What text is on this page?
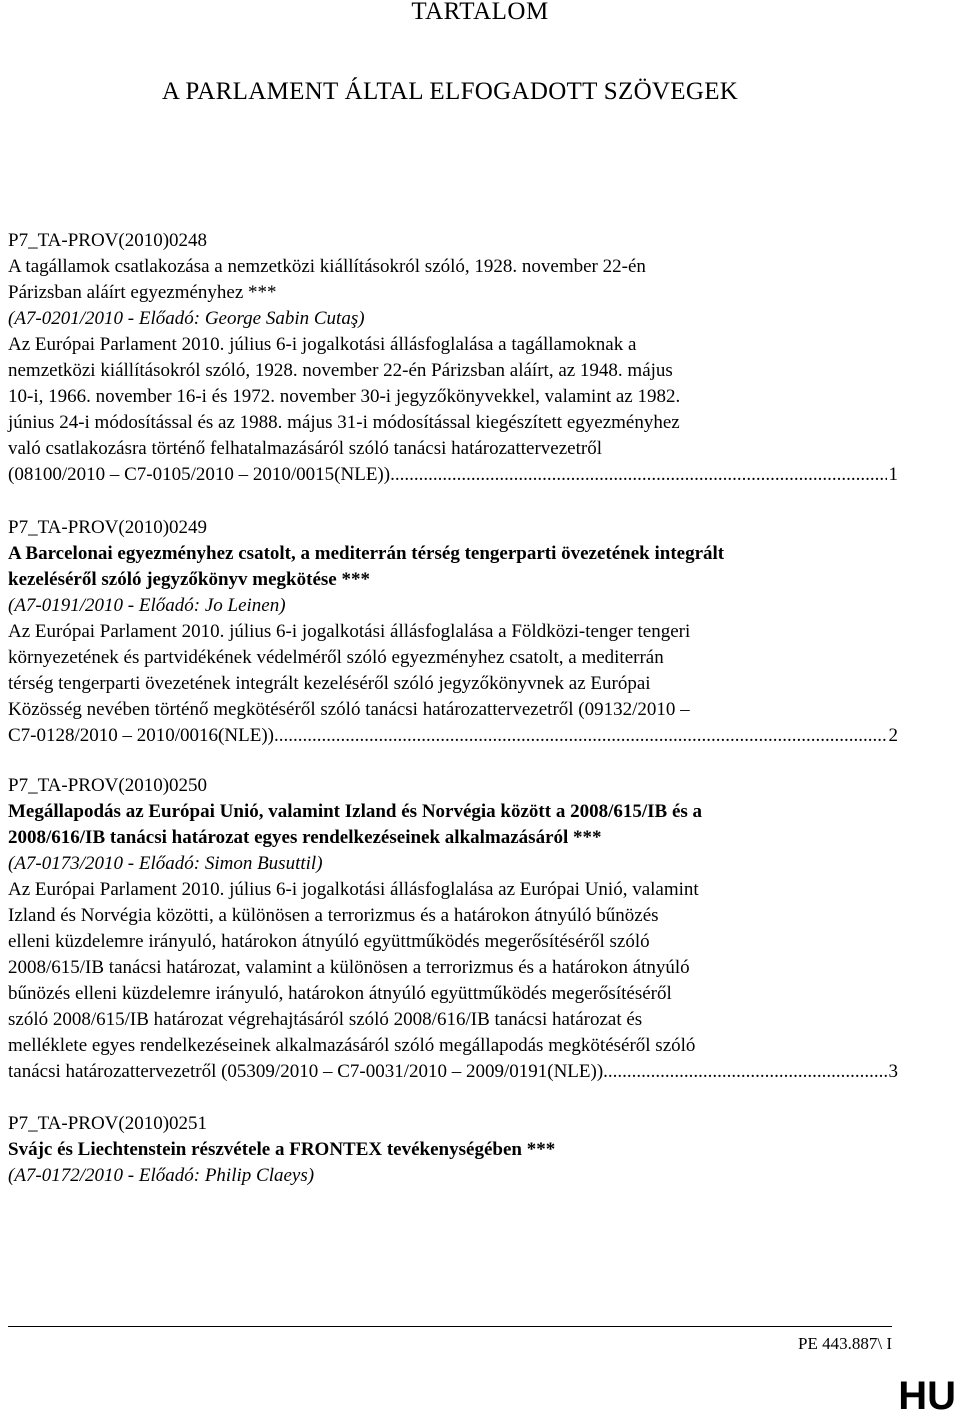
TARTALOM
A PARLAMENT ÁLTAL ELFOGADOTT SZÖVEGEK

P7_TA-PROV(2010)0248

A tagállamok csatlakozása a nemzetközi kiállításokról szóló, 1928. november 22-én

Párizsban aláírt egyezményhez ***

(A7-0201/2010 - Előadó: George Sabin Cutaş)

Az Európai Parlament 2010. július 6-i jogalkotási állásfoglalása a tagállamoknak a

nemzetközi kiállításokról szóló, 1928. november 22-én Párizsban aláírt, az 1948. május

10-i, 1966. november 16-i és 1972. november 30-i jegyzőkönyvekkel, valamint az 1982.

június 24-i módosítással és az 1988. május 31-i módosítással kiegészített egyezményhez

való csatlakozásra történő felhatalmazásáról szóló tanácsi határozattervezetről

(08100/2010 – C7-0105/2010 – 2010/0015(NLE)) .....	1

P7_TA-PROV(2010)0249

A Barcelonai egyezményhez csatolt, a mediterrán térség tengerparti övezetének integrált

kezeléséről szóló jegyzőkönyv megkötése ***

(A7-0191/2010 - Előadó: Jo Leinen)

Az Európai Parlament 2010. július 6-i jogalkotási állásfoglalása a Földközi-tenger tengeri

környezetének és partvidékének védelméről szóló egyezményhez csatolt, a mediterrán

térség tengerparti övezetének integrált kezeléséről szóló jegyzőkönyvnek az Európai

Közösség nevében történő megkötéséről szóló tanácsi határozattervezetről (09132/2010 –

C7-0128/2010 – 2010/0016(NLE)) .....	2

P7_TA-PROV(2010)0250

Megállapodás az Európai Unió, valamint Izland és Norvégia között a 2008/615/IB és a

2008/616/IB tanácsi határozat egyes rendelkezéseinek alkalmazásáról ***

(A7-0173/2010 - Előadó: Simon Busuttil)

Az Európai Parlament 2010. július 6-i jogalkotási állásfoglalása az Európai Unió, valamint

Izland és Norvégia közötti, a különösen a terrorizmus és a határokon átnyúló bűnözés

elleni küzdelemre irányuló, határokon átnyúló együttműködés megerősítéséről szóló

2008/615/IB tanácsi határozat, valamint a különösen a terrorizmus és a határokon átnyúló

bűnözés elleni küzdelemre irányuló, határokon átnyúló együttműködés megerősítéséről

szóló 2008/615/IB határozat végrehajtásáról szóló 2008/616/IB tanácsi határozat és

melléklete egyes rendelkezéseinek alkalmazásáról szóló megállapodás megkötéséről szóló

tanácsi határozattervezetről (05309/2010 – C7-0031/2010 – 2009/0191(NLE)) .....	3

P7_TA-PROV(2010)0251

Svájc és Liechtenstein részvétele a FRONTEX tevékenységében ***

(A7-0172/2010 - Előadó: Philip Claeys)

PE 443.887\ I
HU
